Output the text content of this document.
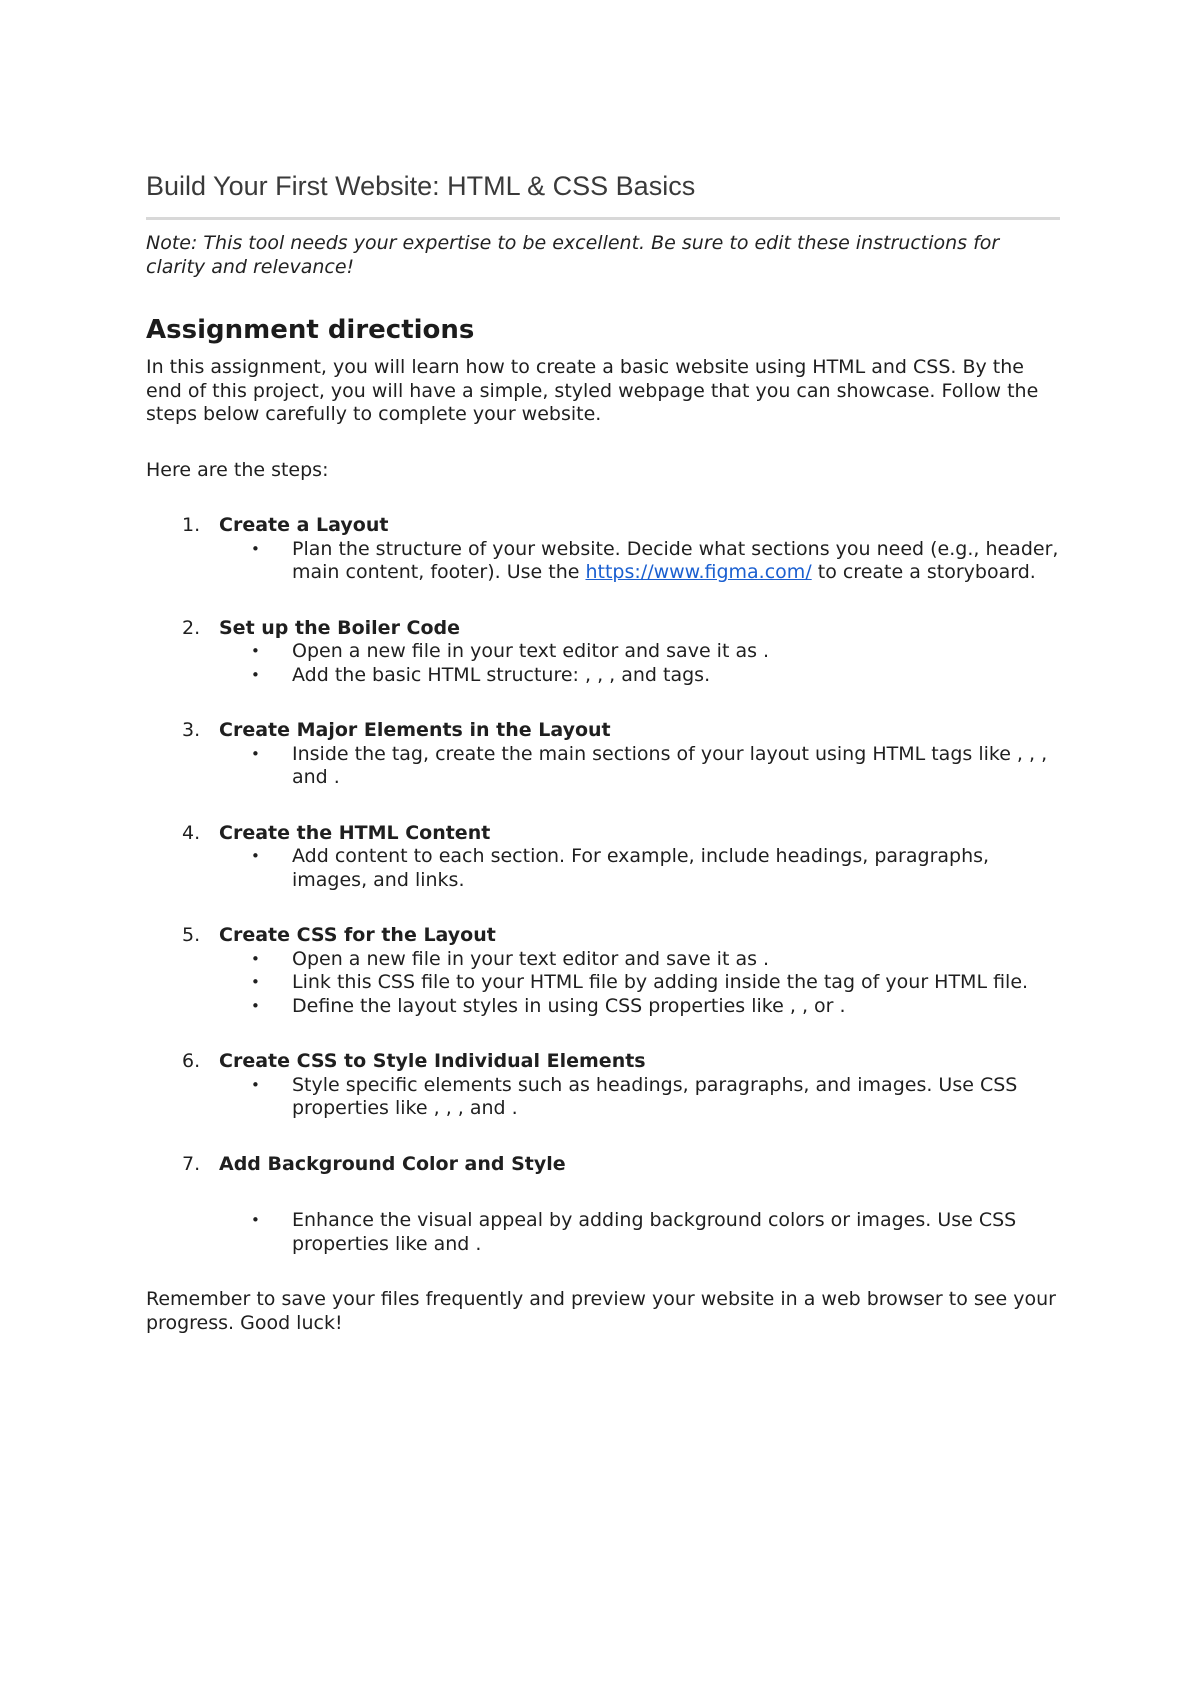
Build Your First Website: HTML & CSS Basics

Note: This tool needs your expertise to be excellent. Be sure to edit these instructions for clarity and relevance!

Assignment directions

In this assignment, you will learn how to create a basic website using HTML and CSS. By the end of this project, you will have a simple, styled webpage that you can showcase. Follow the steps below carefully to complete your website.

Here are the steps:

1. Create a Layout
• Plan the structure of your website. Decide what sections you need (e.g., header, main content, footer). Use the https://www.figma.com/ to create a storyboard.
2. Set up the Boiler Code
• Open a new file in your text editor and save it as .
• Add the basic HTML structure: , , , and tags.
3. Create Major Elements in the Layout
• Inside the tag, create the main sections of your layout using HTML tags like , , , and .
4. Create the HTML Content
• Add content to each section. For example, include headings, paragraphs, images, and links.
5. Create CSS for the Layout
• Open a new file in your text editor and save it as .
• Link this CSS file to your HTML file by adding inside the tag of your HTML file.
• Define the layout styles in using CSS properties like , , or .
6. Create CSS to Style Individual Elements
• Style specific elements such as headings, paragraphs, and images. Use CSS properties like , , , and .
7. Add Background Color and Style
• Enhance the visual appeal by adding background colors or images. Use CSS properties like and .

Remember to save your files frequently and preview your website in a web browser to see your progress. Good luck!
